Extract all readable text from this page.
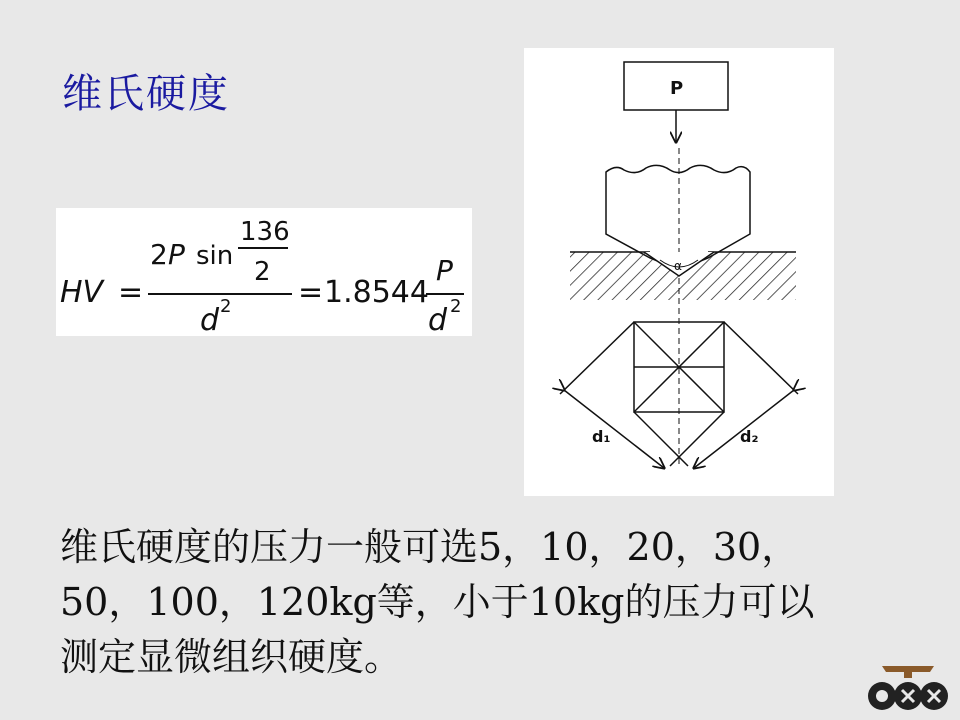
维氏硬度
HV =
2 P sin
136
2
d 2 = 1.8544
P
d 2
P
α
d₁	d₂
维氏硬度的压力一般可选5，10，20，30，
50，100，120kg等，小于10kg的压力可以
测定显微组织硬度。
